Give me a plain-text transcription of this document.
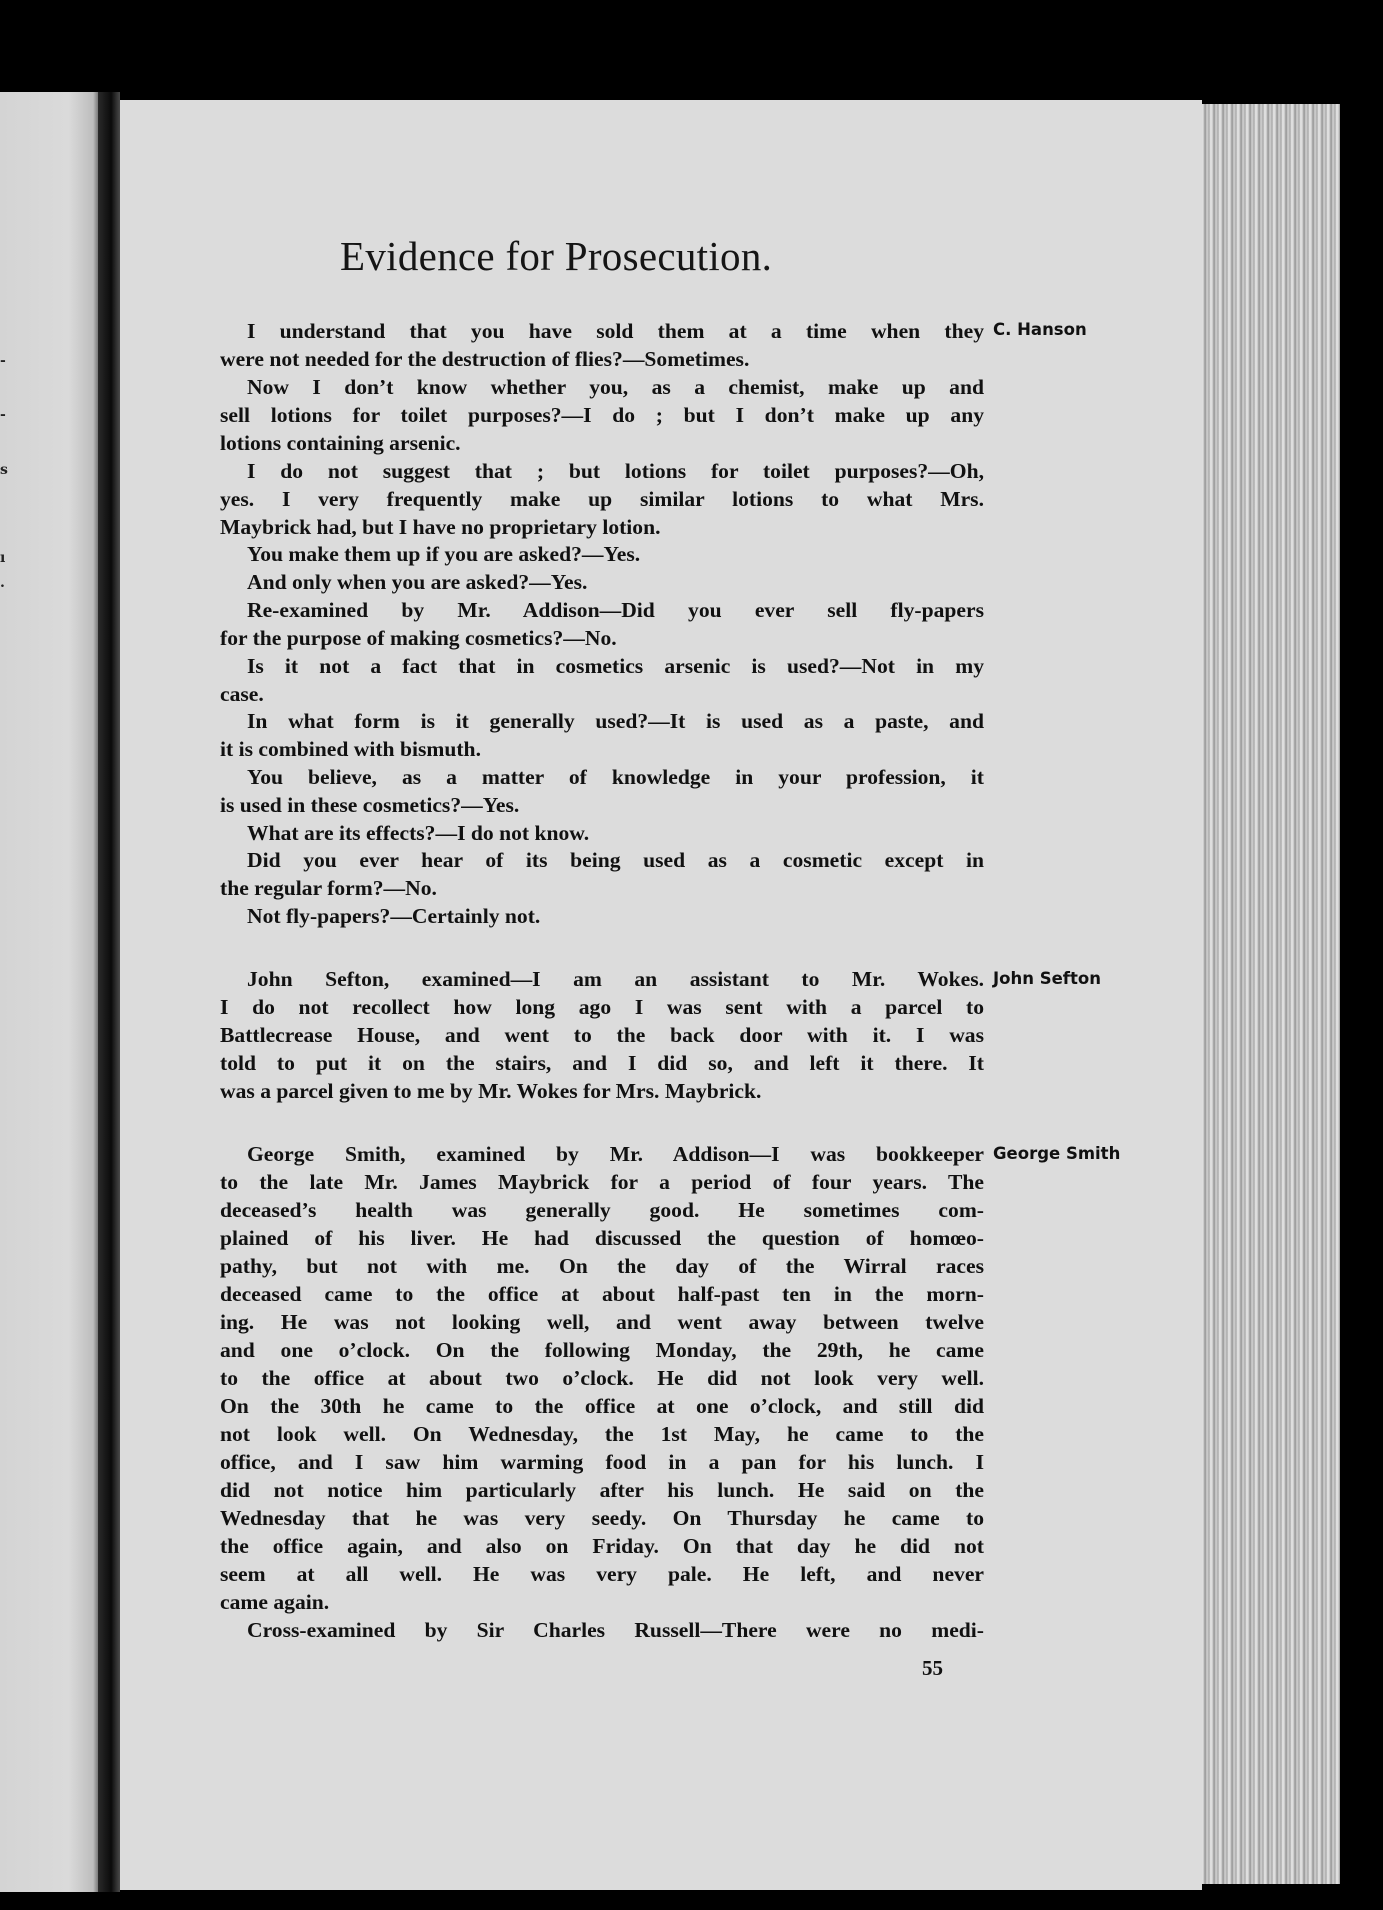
-
-
s
ı
.
Evidence for Prosecution.
C. Hanson
John Sefton
George Smith
I understand that you have sold them at a time when they
were not needed for the destruction of flies?—Sometimes.
Now I don’t know whether you, as a chemist, make up and
sell lotions for toilet purposes?—I do ; but I don’t make up any
lotions containing arsenic.
I do not suggest that ; but lotions for toilet purposes?—Oh,
yes. I very frequently make up similar lotions to what Mrs.
Maybrick had, but I have no proprietary lotion.
You make them up if you are asked?—Yes.
And only when you are asked?—Yes.
Re-examined by Mr. Addison—Did you ever sell fly-papers
for the purpose of making cosmetics?—No.
Is it not a fact that in cosmetics arsenic is used?—Not in my
case.
In what form is it generally used?—It is used as a paste, and
it is combined with bismuth.
You believe, as a matter of knowledge in your profession, it
is used in these cosmetics?—Yes.
What are its effects?—I do not know.
Did you ever hear of its being used as a cosmetic except in
the regular form?—No.
Not fly-papers?—Certainly not.
John Sefton, examined—I am an assistant to Mr. Wokes.
I do not recollect how long ago I was sent with a parcel to
Battlecrease House, and went to the back door with it. I was
told to put it on the stairs, and I did so, and left it there. It
was a parcel given to me by Mr. Wokes for Mrs. Maybrick.
George Smith, examined by Mr. Addison—I was bookkeeper
to the late Mr. James Maybrick for a period of four years. The
deceased’s health was generally good. He sometimes com-
plained of his liver. He had discussed the question of homœo-
pathy, but not with me. On the day of the Wirral races
deceased came to the office at about half-past ten in the morn-
ing. He was not looking well, and went away between twelve
and one o’clock. On the following Monday, the 29th, he came
to the office at about two o’clock. He did not look very well.
On the 30th he came to the office at one o’clock, and still did
not look well. On Wednesday, the 1st May, he came to the
office, and I saw him warming food in a pan for his lunch. I
did not notice him particularly after his lunch. He said on the
Wednesday that he was very seedy. On Thursday he came to
the office again, and also on Friday. On that day he did not
seem at all well. He was very pale. He left, and never
came again.
Cross-examined by Sir Charles Russell—There were no medi-
55
